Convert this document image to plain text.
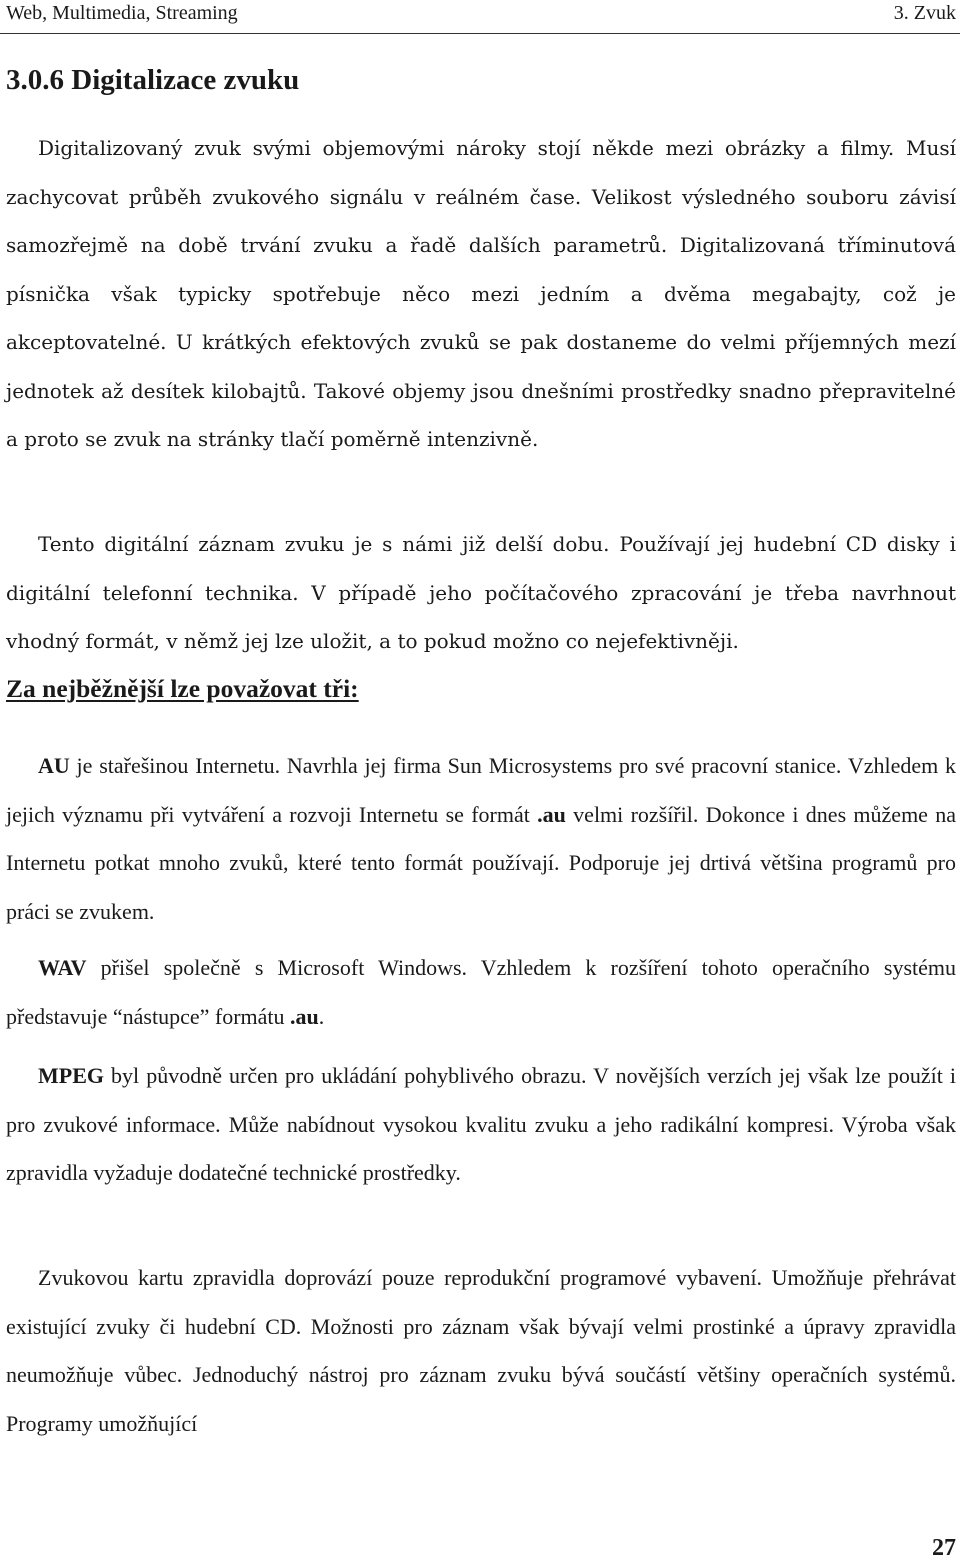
Web, Multimedia, Streaming	3. Zvuk
3.0.6 Digitalizace zvuku

Digitalizovaný zvuk svými objemovými nároky stojí někde mezi obrázky a filmy. Musí zachycovat průběh zvukového signálu v reálném čase. Velikost výsledného souboru závisí samozřejmě na době trvání zvuku a řadě dalších parametrů. Digitalizovaná tříminutová písnička však typicky spotřebuje něco mezi jedním a dvěma megabajty, což je akceptovatelné. U krátkých efektových zvuků se pak dostaneme do velmi příjemných mezí jednotek až desítek kilobajtů. Takové objemy jsou dnešními prostředky snadno přepravitelné a proto se zvuk na stránky tlačí poměrně intenzivně.

Tento digitální záznam zvuku je s námi již delší dobu. Používají jej hudební CD disky i digitální telefonní technika. V případě jeho počítačového zpracování je třeba navrhnout vhodný formát, v němž jej lze uložit, a to pokud možno co nejefektivněji.

Za nejběžnější lze považovat tři:

AU je stařešinou Internetu. Navrhla jej firma Sun Microsystems pro své pracovní stanice. Vzhledem k jejich významu při vytváření a rozvoji Internetu se formát .au velmi rozšířil. Dokonce i dnes můžeme na Internetu potkat mnoho zvuků, které tento formát používají. Podporuje jej drtivá většina programů pro práci se zvukem.

WAV přišel společně s Microsoft Windows. Vzhledem k rozšíření tohoto operačního systému představuje “nástupce” formátu .au.

MPEG byl původně určen pro ukládání pohyblivého obrazu. V novějších verzích jej však lze použít i pro zvukové informace. Může nabídnout vysokou kvalitu zvuku a jeho radikální kompresi. Výroba však zpravidla vyžaduje dodatečné technické prostředky.

Zvukovou kartu zpravidla doprovází pouze reprodukční programové vybavení. Umožňuje přehrávat existující zvuky či hudební CD. Možnosti pro záznam však bývají velmi prostinké a úpravy zpravidla neumožňuje vůbec. Jednoduchý nástroj pro záznam zvuku bývá součástí většiny operačních systémů. Programy umožňující

27
